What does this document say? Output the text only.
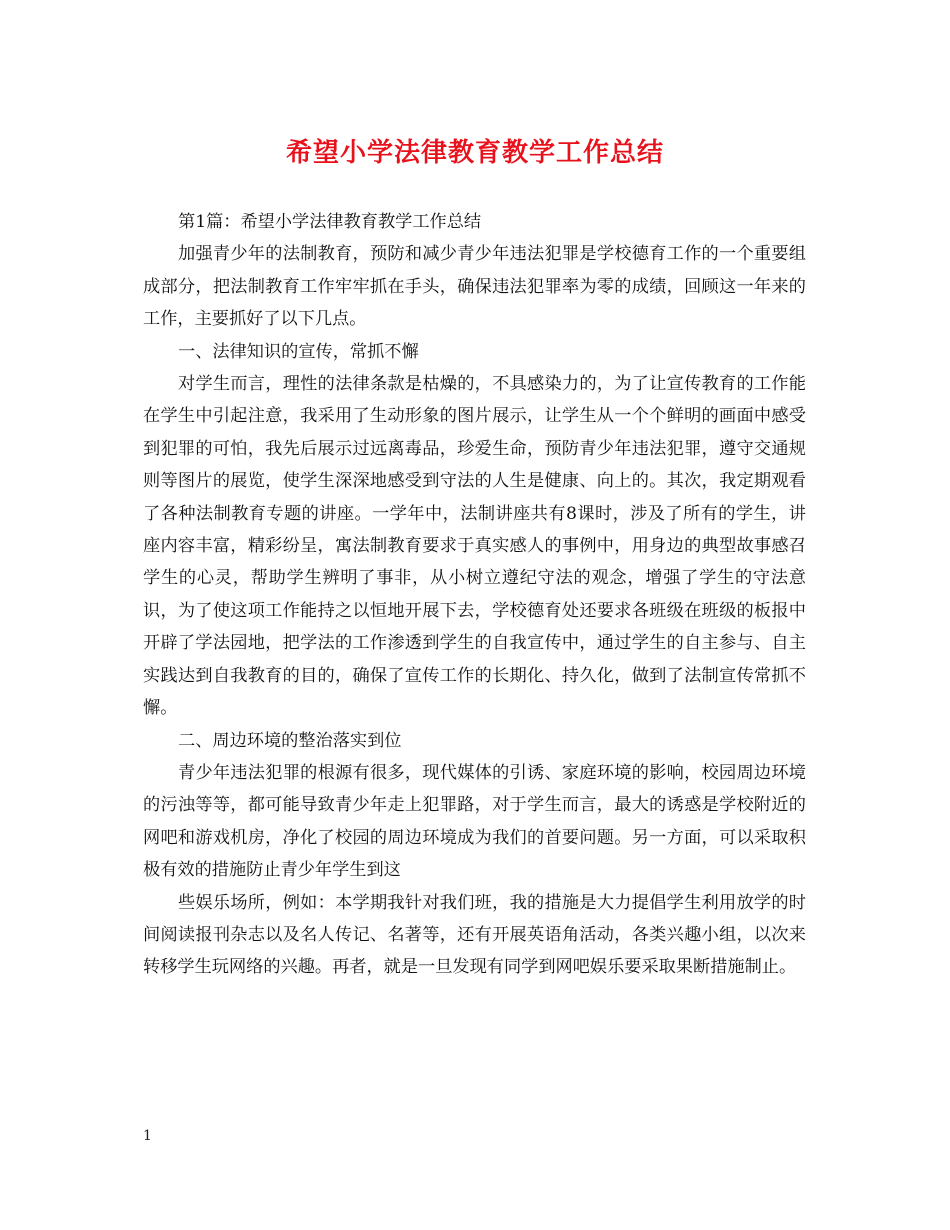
希望小学法律教育教学工作总结

第1篇：希望小学法律教育教学工作总结

加强青少年的法制教育，预防和减少青少年违法犯罪是学校德育工作的一个重要组成部分，把法制教育工作牢牢抓在手头，确保违法犯罪率为零的成绩，回顾这一年来的工作，主要抓好了以下几点。

一、法律知识的宣传，常抓不懈

对学生而言，理性的法律条款是枯燥的，不具感染力的，为了让宣传教育的工作能在学生中引起注意，我采用了生动形象的图片展示，让学生从一个个鲜明的画面中感受到犯罪的可怕，我先后展示过远离毒品，珍爱生命，预防青少年违法犯罪，遵守交通规则等图片的展览，使学生深深地感受到守法的人生是健康、向上的。其次，我定期观看了各种法制教育专题的讲座。一学年中，法制讲座共有8课时，涉及了所有的学生，讲座内容丰富，精彩纷呈，寓法制教育要求于真实感人的事例中，用身边的典型故事感召学生的心灵，帮助学生辨明了事非，从小树立遵纪守法的观念，增强了学生的守法意识，为了使这项工作能持之以恒地开展下去，学校德育处还要求各班级在班级的板报中开辟了学法园地，把学法的工作渗透到学生的自我宣传中，通过学生的自主参与、自主实践达到自我教育的目的，确保了宣传工作的长期化、持久化，做到了法制宣传常抓不懈。

二、周边环境的整治落实到位

青少年违法犯罪的根源有很多，现代媒体的引诱、家庭环境的影响，校园周边环境的污浊等等，都可能导致青少年走上犯罪路，对于学生而言，最大的诱惑是学校附近的网吧和游戏机房，净化了校园的周边环境成为我们的首要问题。另一方面，可以采取积极有效的措施防止青少年学生到这

些娱乐场所，例如：本学期我针对我们班，我的措施是大力提倡学生利用放学的时间阅读报刊杂志以及名人传记、名著等，还有开展英语角活动，各类兴趣小组，以次来转移学生玩网络的兴趣。再者，就是一旦发现有同学到网吧娱乐要采取果断措施制止。

1
